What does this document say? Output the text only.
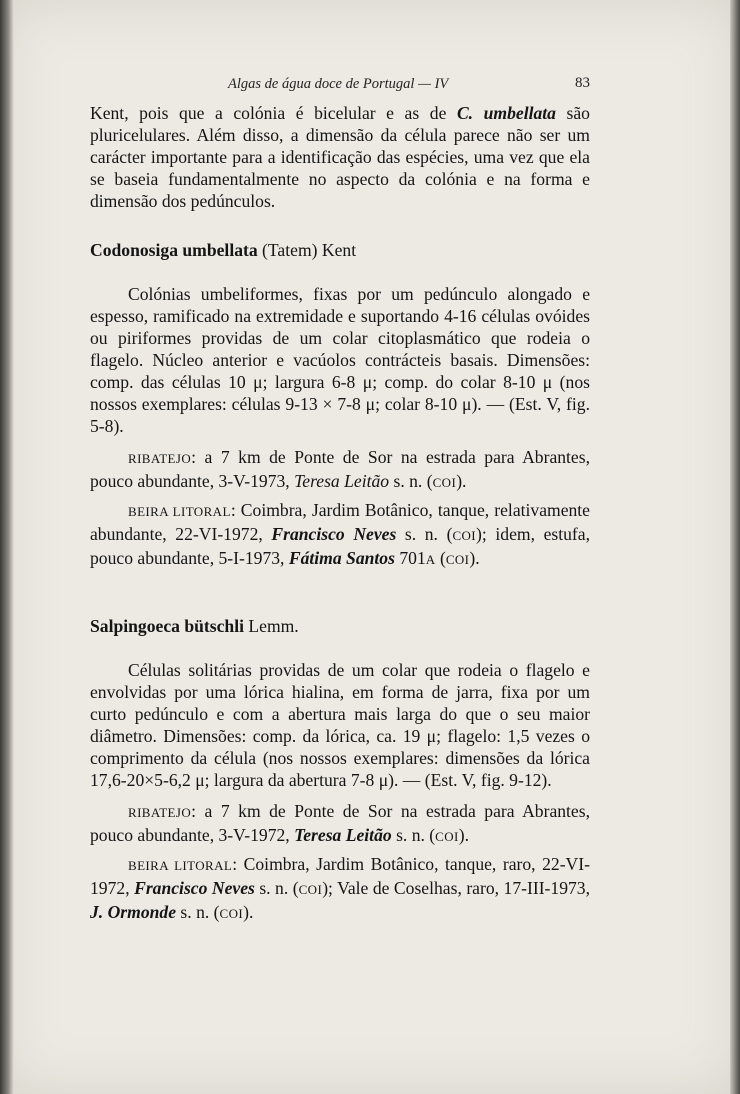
Algas de água doce de Portugal — IV	83

Kent, pois que a colónia é bicelular e as de C. umbellata são pluricelulares. Além disso, a dimensão da célula parece não ser um carácter importante para a identificação das espécies, uma vez que ela se baseia fundamentalmente no aspecto da colónia e na forma e dimensão dos pedúnculos.

Codonosiga umbellata (Tatem) Kent

Colónias umbeliformes, fixas por um pedúnculo alongado e espesso, ramificado na extremidade e suportando 4-16 células ovóides ou piriformes providas de um colar citoplasmático que rodeia o flagelo. Núcleo anterior e vacúolos contrácteis basais. Dimensões: comp. das células 10 μ; largura 6-8 μ; comp. do colar 8-10 μ (nos nossos exemplares: células 9-13 × 7-8 μ; colar 8-10 μ). — (Est. V, fig. 5-8).

RIBATEJO: a 7 km de Ponte de Sor na estrada para Abrantes, pouco abundante, 3-V-1973, Teresa Leitão s. n. (COI).

BEIRA LITORAL: Coimbra, Jardim Botânico, tanque, relativamente abundante, 22-VI-1972, Francisco Neves s. n. (COI); idem, estufa, pouco abundante, 5-I-1973, Fátima Santos 701A (COI).

Salpingoeca bütschli Lemm.

Células solitárias providas de um colar que rodeia o flagelo e envolvidas por uma lórica hialina, em forma de jarra, fixa por um curto pedúnculo e com a abertura mais larga do que o seu maior diâmetro. Dimensões: comp. da lórica, ca. 19 μ; flagelo: 1,5 vezes o comprimento da célula (nos nossos exemplares: dimensões da lórica 17,6-20×5-6,2 μ; largura da abertura 7-8 μ). — (Est. V, fig. 9-12).

RIBATEJO: a 7 km de Ponte de Sor na estrada para Abrantes, pouco abundante, 3-V-1972, Teresa Leitão s. n. (COI).

BEIRA LITORAL: Coimbra, Jardim Botânico, tanque, raro, 22-VI-1972, Francisco Neves s. n. (COI); Vale de Coselhas, raro, 17-III-1973, J. Ormonde s. n. (COI).
